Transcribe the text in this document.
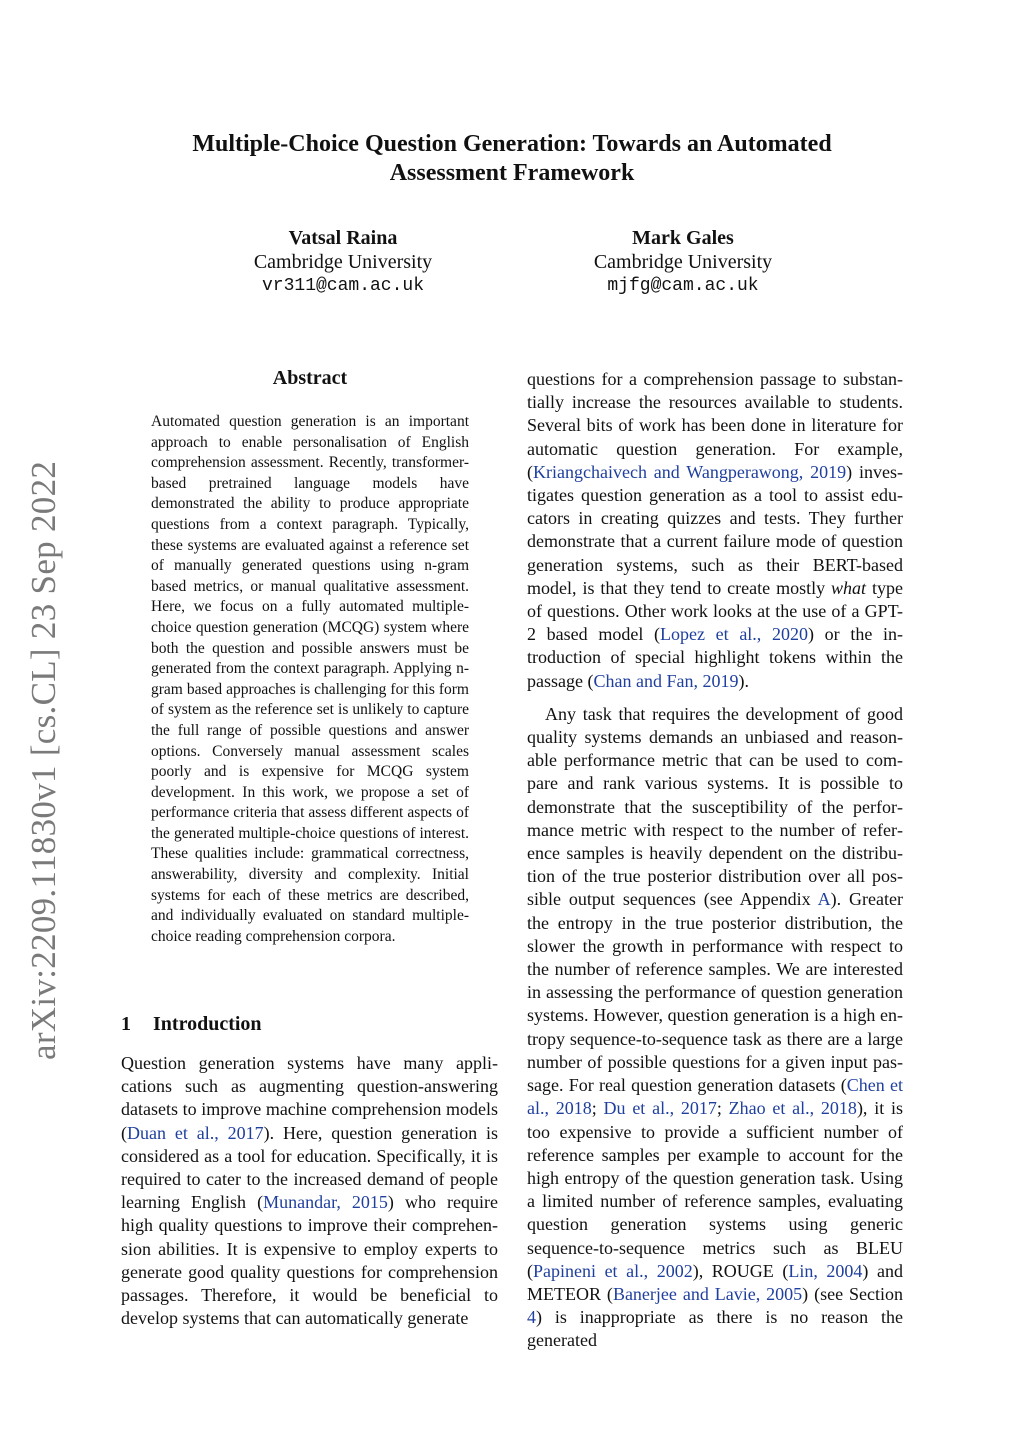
arXiv:2209.11830v1 [cs.CL] 23 Sep 2022
Multiple-Choice Question Generation: Towards an Automated
Assessment Framework
Vatsal Raina
Cambridge University
vr311@cam.ac.uk
Mark Gales
Cambridge University
mjfg@cam.ac.uk
Abstract
Automated question generation is an important approach to enable personalisation of English comprehension assessment. Recently, transformer-based pretrained language models have demonstrated the ability to produce appropriate questions from a context paragraph. Typically, these systems are evaluated against a reference set of manually generated questions using n-gram based metrics, or manual qualitative assessment. Here, we focus on a fully automated multiple-choice question generation (MCQG) system where both the question and possible answers must be generated from the context paragraph. Applying n-gram based approaches is challenging for this form of system as the reference set is unlikely to capture the full range of possible questions and answer options. Conversely manual assessment scales poorly and is expensive for MCQG system development. In this work, we propose a set of performance criteria that assess different aspects of the generated multiple-choice questions of interest. These qualities include: grammatical correctness, answerability, diversity and complexity. Initial systems for each of these metrics are described, and individually evaluated on standard multiple-choice reading comprehension corpora.
1 Introduction

Question generation systems have many applications such as augmenting question-answering datasets to improve machine comprehension models (Duan et al., 2017). Here, question generation is considered as a tool for education. Specifically, it is required to cater to the increased demand of people learning English (Munandar, 2015) who require high quality questions to improve their comprehension abilities. It is expensive to employ experts to generate good quality questions for comprehension passages. Therefore, it would be beneficial to develop systems that can automatically generate

questions for a comprehension passage to substantially increase the resources available to students. Several bits of work has been done in literature for automatic question generation. For example, (Kriangchaivech and Wangperawong, 2019) investigates question generation as a tool to assist educators in creating quizzes and tests. They further demonstrate that a current failure mode of question generation systems, such as their BERT-based model, is that they tend to create mostly what type of questions. Other work looks at the use of a GPT-2 based model (Lopez et al., 2020) or the introduction of special highlight tokens within the passage (Chan and Fan, 2019).

Any task that requires the development of good quality systems demands an unbiased and reasonable performance metric that can be used to compare and rank various systems. It is possible to demonstrate that the susceptibility of the performance metric with respect to the number of reference samples is heavily dependent on the distribution of the true posterior distribution over all possible output sequences (see Appendix A). Greater the entropy in the true posterior distribution, the slower the growth in performance with respect to the number of reference samples. We are interested in assessing the performance of question generation systems. However, question generation is a high entropy sequence-to-sequence task as there are a large number of possible questions for a given input passage. For real question generation datasets (Chen et al., 2018; Du et al., 2017; Zhao et al., 2018), it is too expensive to provide a sufficient number of reference samples per example to account for the high entropy of the question generation task. Using a limited number of reference samples, evaluating question generation systems using generic sequence-to-sequence metrics such as BLEU (Papineni et al., 2002), ROUGE (Lin, 2004) and METEOR (Banerjee and Lavie, 2005) (see Section 4) is inappropriate as there is no reason the generated
